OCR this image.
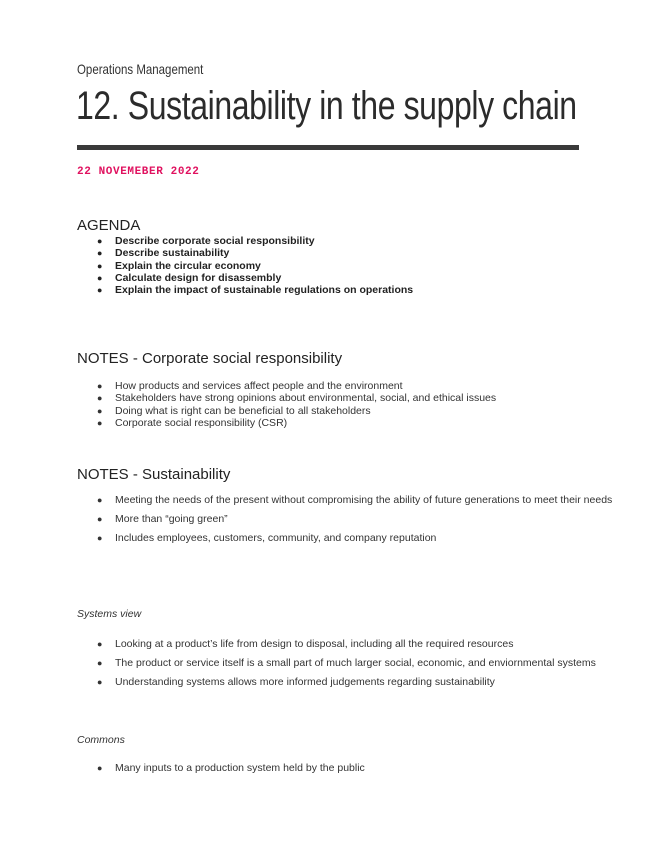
Operations Management
12. Sustainability in the supply chain
22 NOVEMEBER 2022
AGENDA
● Describe corporate social responsibility
● Describe sustainability
● Explain the circular economy
● Calculate design for disassembly
● Explain the impact of sustainable regulations on operations
NOTES - Corporate social responsibility
● How products and services affect people and the environment
● Stakeholders have strong opinions about environmental, social, and ethical issues
● Doing what is right can be beneficial to all stakeholders
● Corporate social responsibility (CSR)
NOTES - Sustainability
● Meeting the needs of the present without compromising the ability of future generations to meet their needs
● More than “going green”
● Includes employees, customers, community, and company reputation
Systems view
● Looking at a product’s life from design to disposal, including all the required resources
● The product or service itself is a small part of much larger social, economic, and enviornmental systems
● Understanding systems allows more informed judgements regarding sustainability
Commons
● Many inputs to a production system held by the public
